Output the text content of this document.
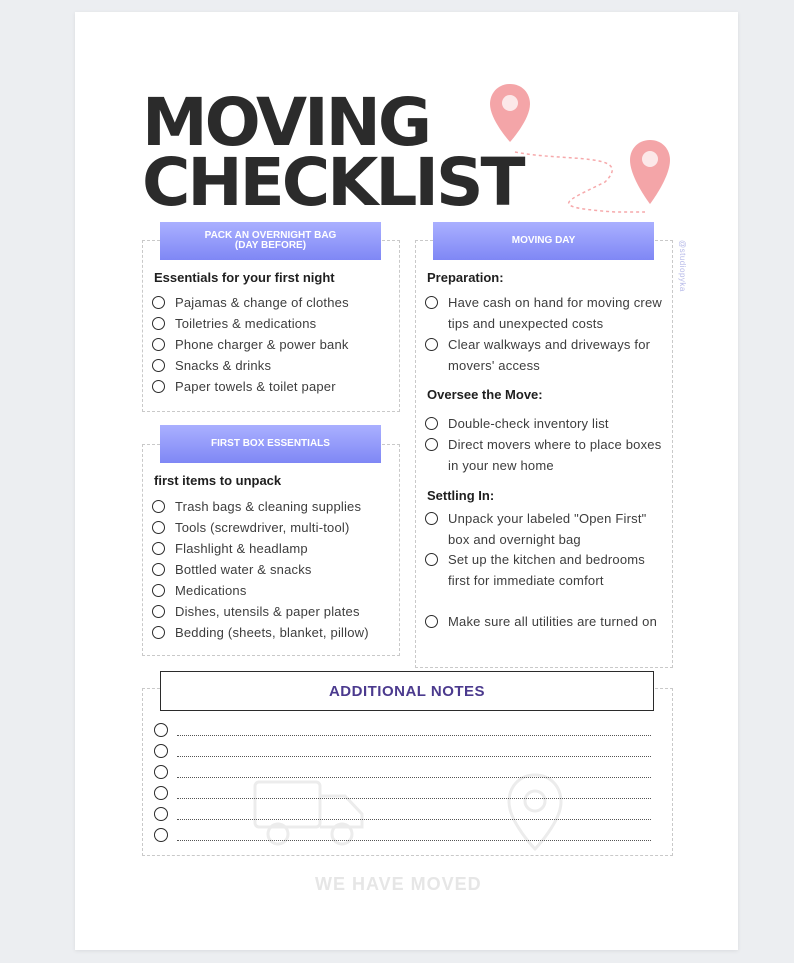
MOVING
CHECKLIST
@studiopyka
PACK AN OVERNIGHT BAG
(DAY BEFORE)
Essentials for your first night
Pajamas & change of clothes
Toiletries & medications
Phone charger & power bank
Snacks & drinks
Paper towels & toilet paper
FIRST BOX ESSENTIALS
first items to unpack
Trash bags & cleaning supplies
Tools (screwdriver, multi-tool)
Flashlight & headlamp
Bottled water & snacks
Medications
Dishes, utensils & paper plates
Bedding (sheets, blanket, pillow)
MOVING DAY
Preparation:
Have cash on hand for moving crew tips and unexpected costs
Clear walkways and driveways for movers' access
Oversee the Move:
Double-check inventory list
Direct movers where to place boxes in your new home
Settling In:
Unpack your labeled "Open First" box and overnight bag
Set up the kitchen and bedrooms first for immediate comfort
Make sure all utilities are turned on
ADDITIONAL NOTES
WE HAVE MOVED
